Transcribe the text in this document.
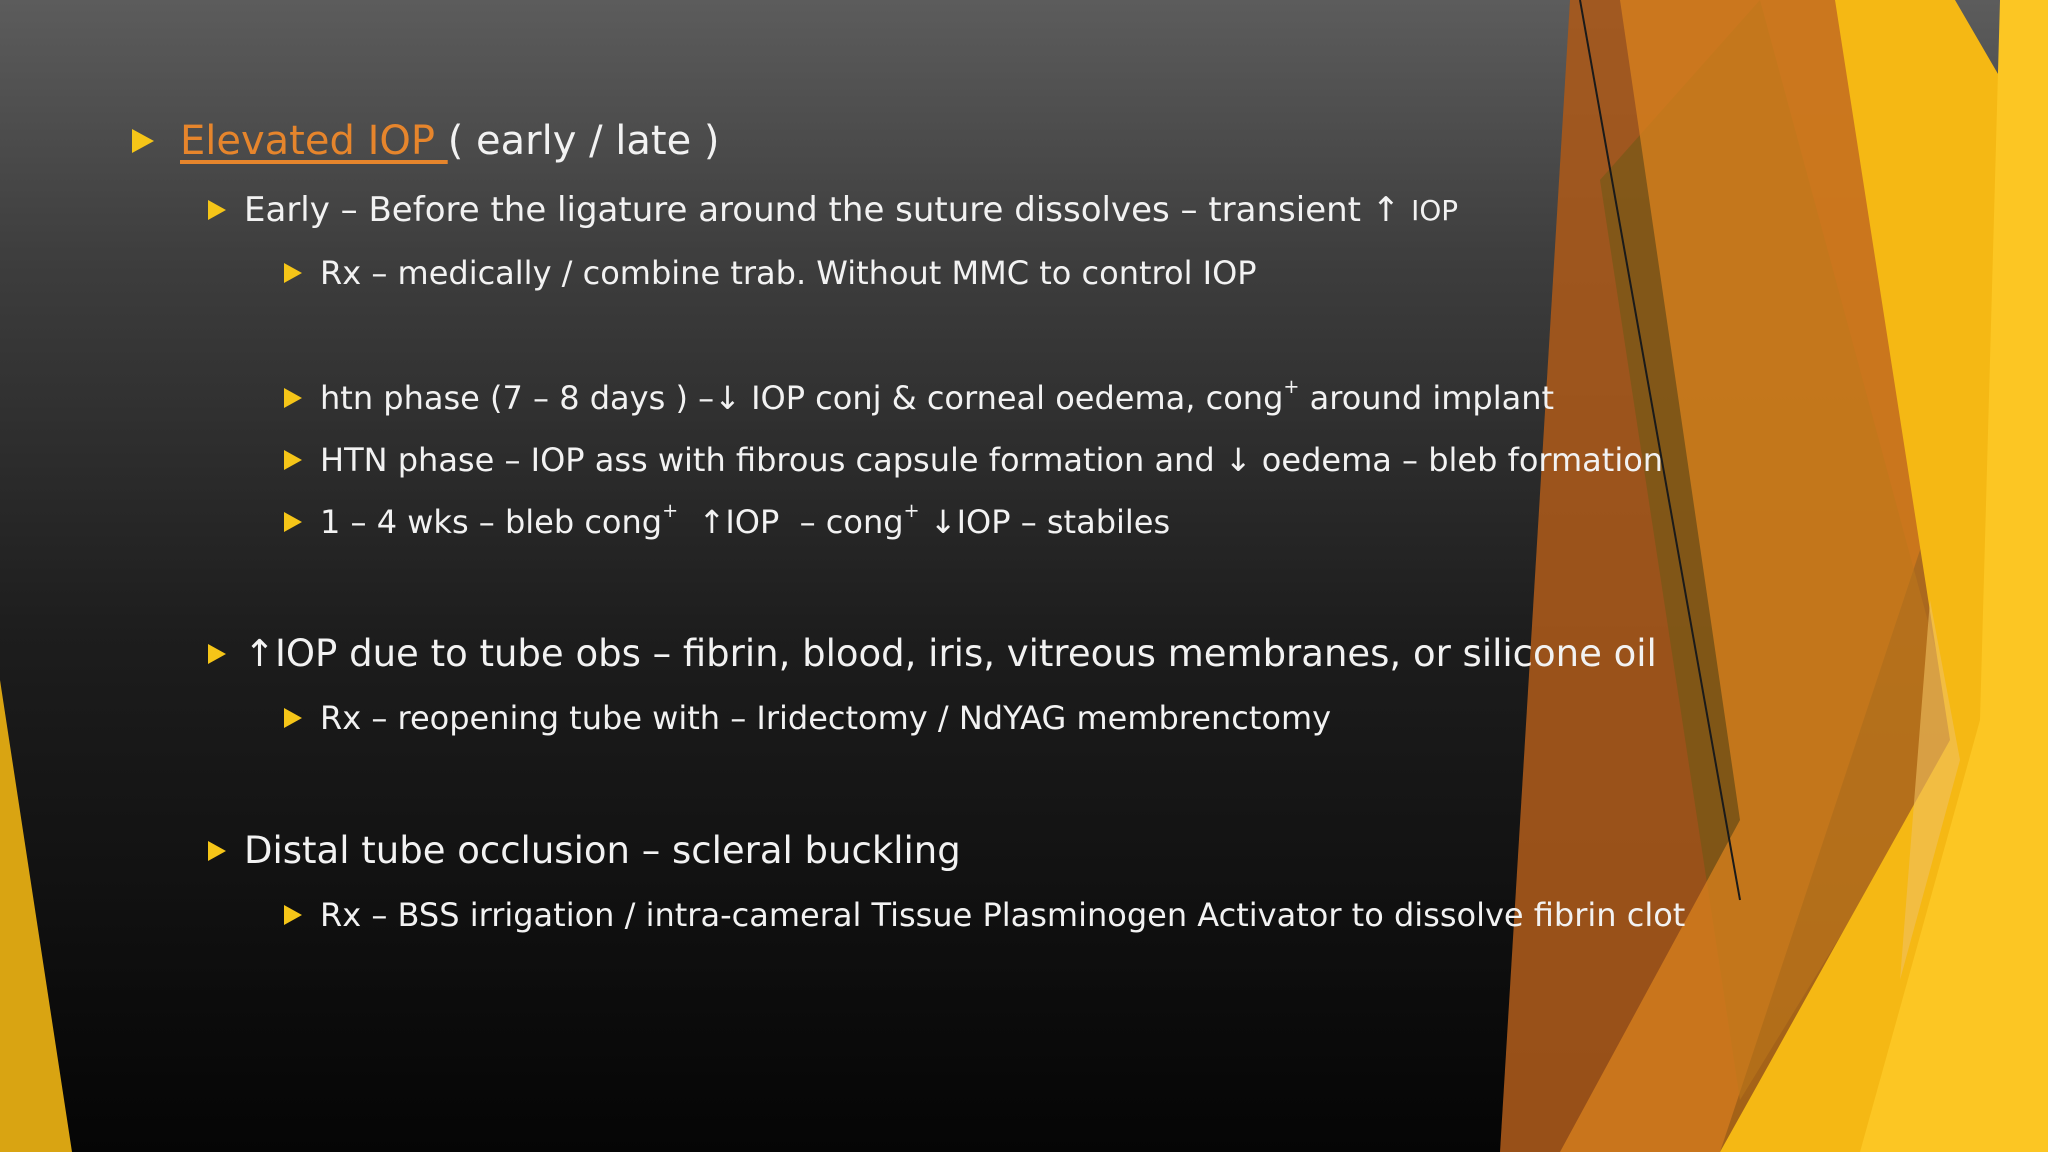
Elevated IOP ( early / late )
Early – Before the ligature around the suture dissolves – transient ↑ IOP
Rx – medically / combine trab. Without MMC to control IOP
htn phase (7 – 8 days ) –↓ IOP conj & corneal oedema, cong + around implant
HTN phase – IOP ass with fibrous capsule formation and ↓ oedema – bleb formation
1 – 4 wks – bleb cong + ↑IOP  – cong + ↓IOP – stabiles
↑IOP due to tube obs – fibrin, blood, iris, vitreous membranes, or silicone oil
Rx – reopening tube with – Iridectomy / NdYAG membrenctomy
Distal tube occlusion – scleral buckling
Rx – BSS irrigation / intra-cameral Tissue Plasminogen Activator to dissolve fibrin clot
